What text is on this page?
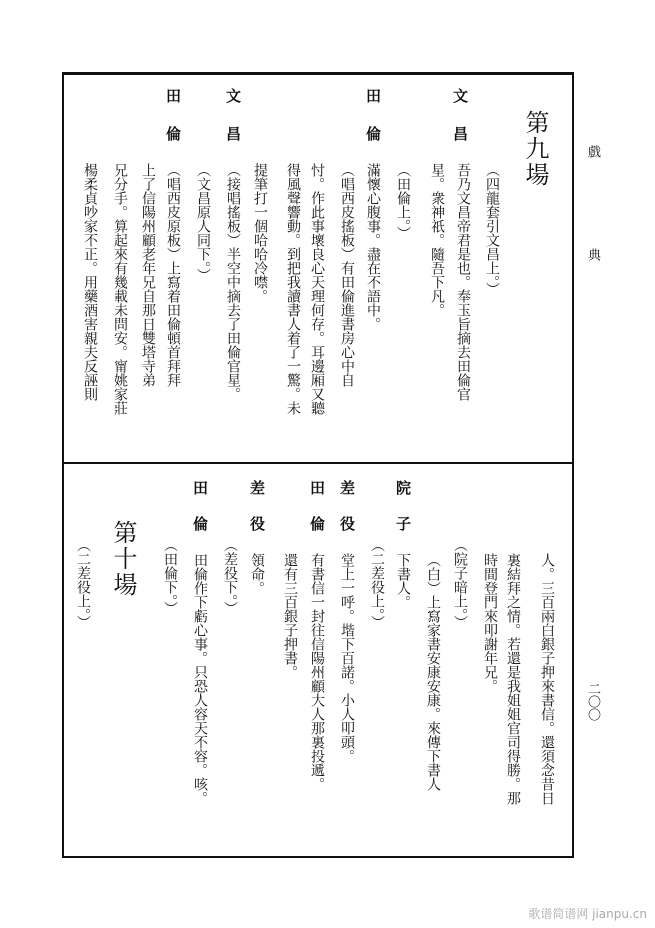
戲
典
二〇〇
第九場
（四龍套引文昌上。）
文
昌
吾乃文昌帝君是也。奉玉旨摘去田倫官
星。衆神祇。隨吾下凡。
（田倫上。）
田
倫
滿懷心腹事。盡在不語中。
（唱西皮搖板）有田倫進書房心中自
忖。作此事壞良心天理何存。耳邊厢又聽
得風聲響動。到把我讀書人着了一驚。未
提筆打一個哈哈冷噤。
文
昌
（接唱搖板）半空中摘去了田倫官星。
（文昌原人同下。）
田
倫
（唱西皮原板）上寫着田倫頓首拜拜
上了信陽州顧老年兄自那日雙塔寺弟
兄分手。算起來有幾載未問安。甯姚家莊
楊柔貞吵家不正。用藥酒害親夫反誣則
人。三百兩白銀子押來書信。還須念昔日
裏結拜之情。若還是我姐姐官司得勝。那
時間登門來叩謝年兄。
（院子暗上。）
（白）上寫家書安康安康。來傳下書人
院
子
下書人。
（二差役上。）
差
役
堂上一呼。堦下百諾。小人叩頭。
田
倫
有書信一封往信陽州顧大人那裏投遞。
還有三百銀子押書。
差
役
領命。
（差役下。）
田
倫
田倫作下虧心事。只恐人容天不容。咳。
（田倫下。）
第十場
（二差役上。）
歌谱简谱网 jianpu.cn
